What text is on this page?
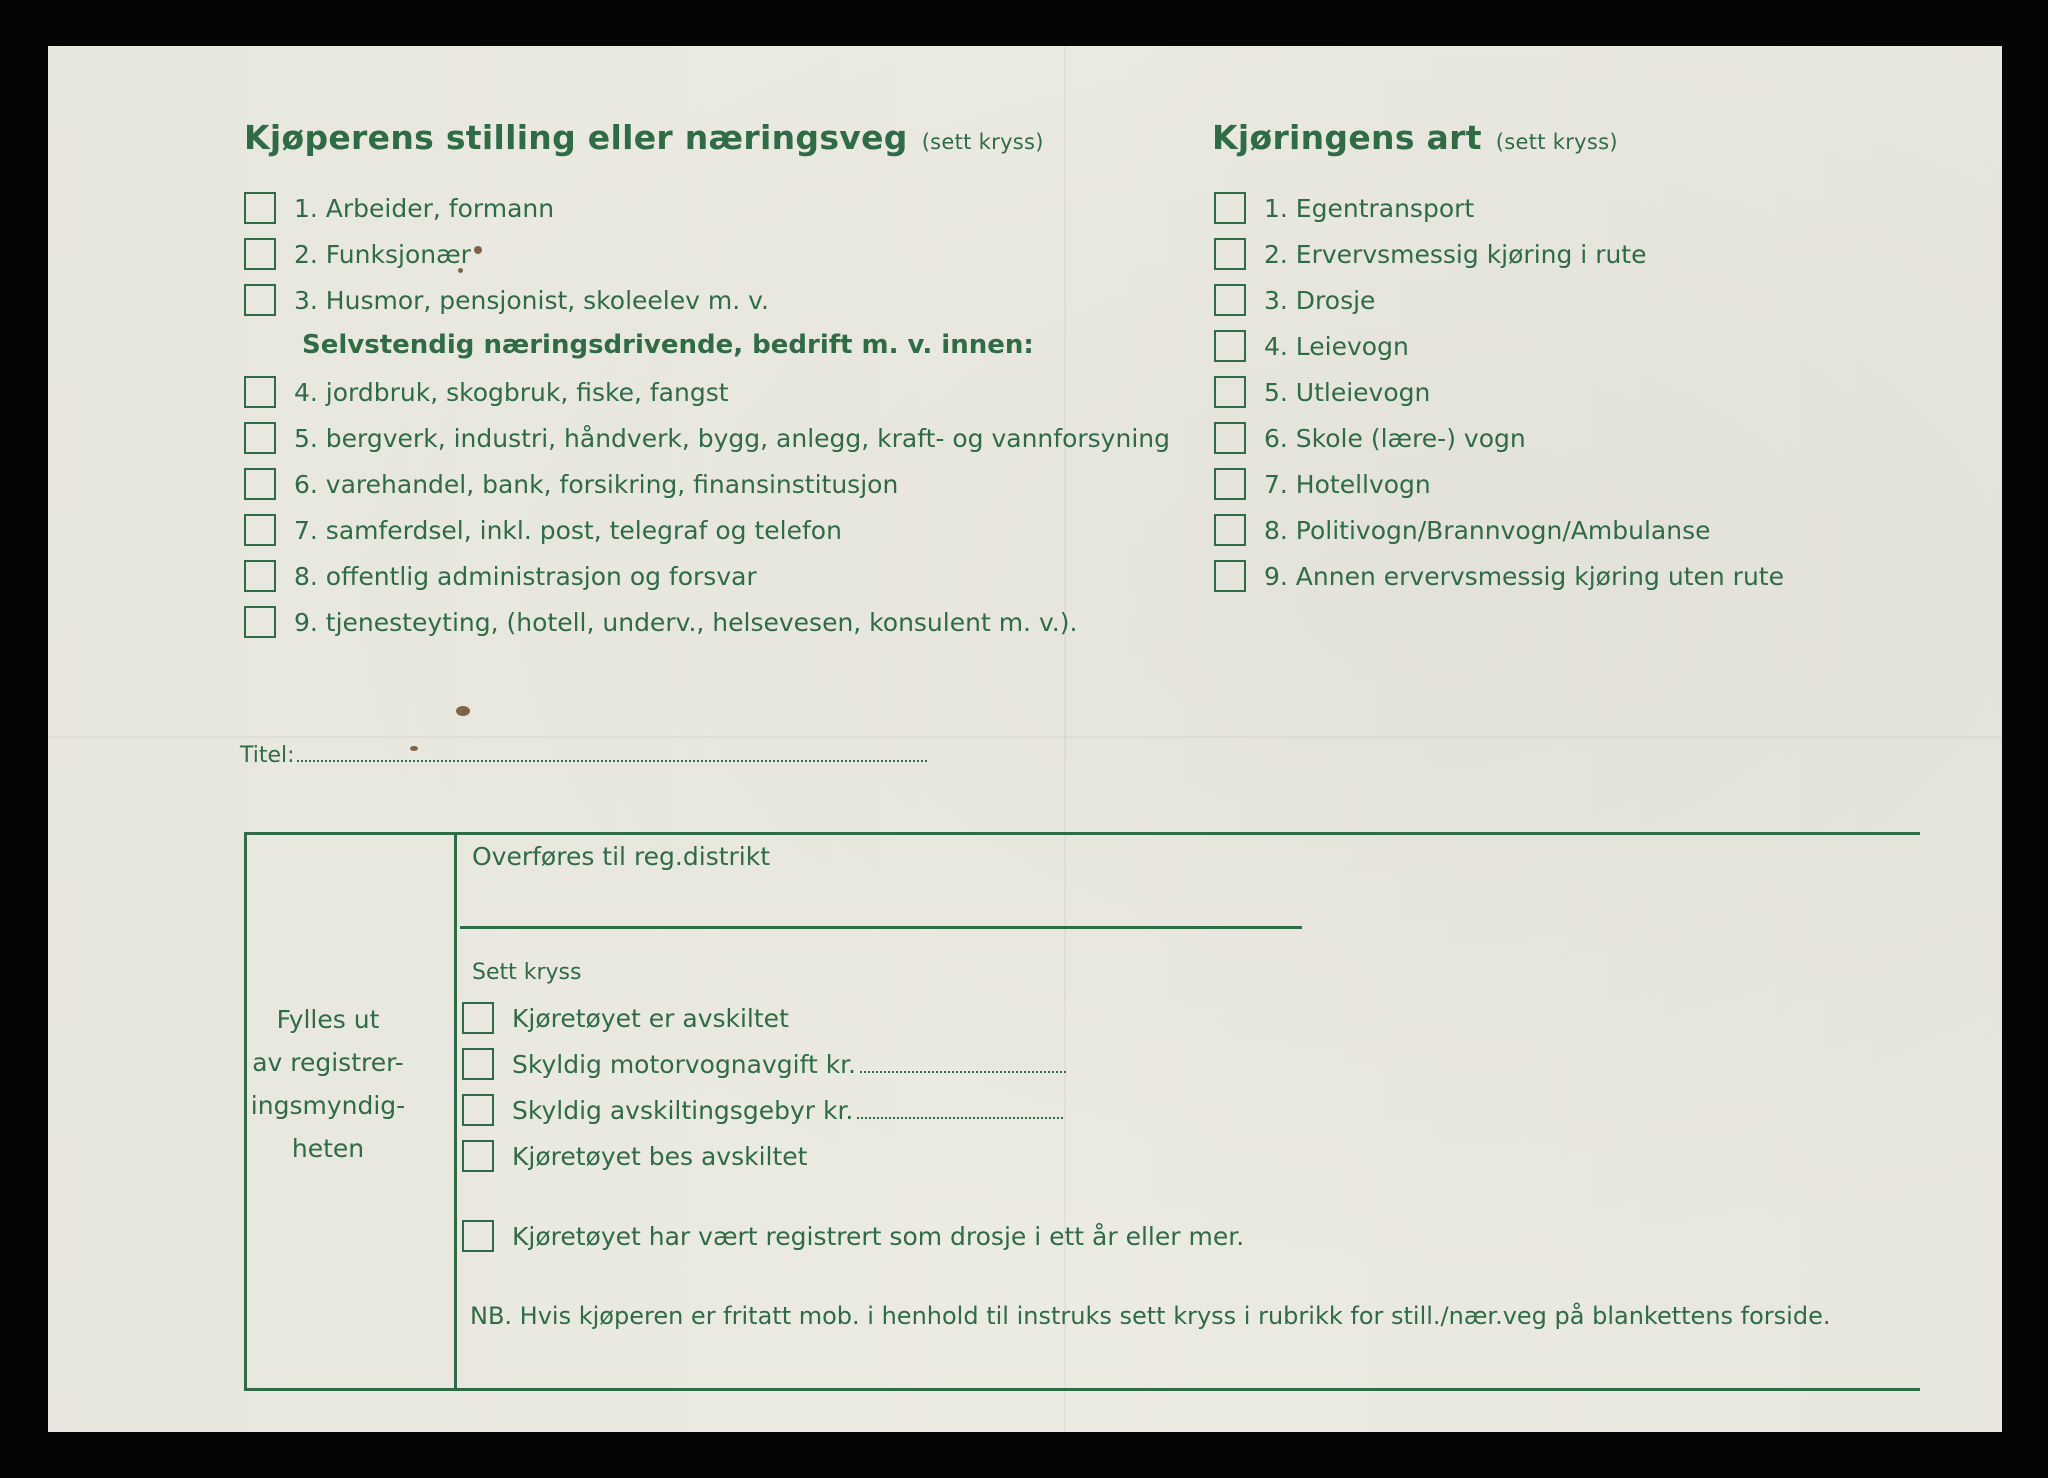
Kjøperens stilling eller næringsveg (sett kryss)
1. Arbeider, formann
2. Funksjonær
3. Husmor, pensjonist, skoleelev m. v.
Selvstendig næringsdrivende, bedrift m. v. innen:
4. jordbruk, skogbruk, fiske, fangst
5. bergverk, industri, håndverk, bygg, anlegg, kraft- og vannforsyning
6. varehandel, bank, forsikring, finansinstitusjon
7. samferdsel, inkl. post, telegraf og telefon
8. offentlig administrasjon og forsvar
9. tjenesteyting, (hotell, underv., helsevesen, konsulent m. v.).
Kjøringens art (sett kryss)
1. Egentransport
2. Ervervsmessig kjøring i rute
3. Drosje
4. Leievogn
5. Utleievogn
6. Skole (lære-) vogn
7. Hotellvogn
8. Politivogn/Brannvogn/Ambulanse
9. Annen ervervsmessig kjøring uten rute
Titel:
Fylles ut
av registrer-
ingsmyndig-
heten
Overføres til reg.distrikt
Sett kryss
Kjøretøyet er avskiltet
Skyldig motorvognavgift kr.
Skyldig avskiltingsgebyr kr.
Kjøretøyet bes avskiltet
Kjøretøyet har vært registrert som drosje i ett år eller mer.
NB. Hvis kjøperen er fritatt mob. i henhold til instruks sett kryss i rubrikk for still./nær.veg på blankettens forside.
